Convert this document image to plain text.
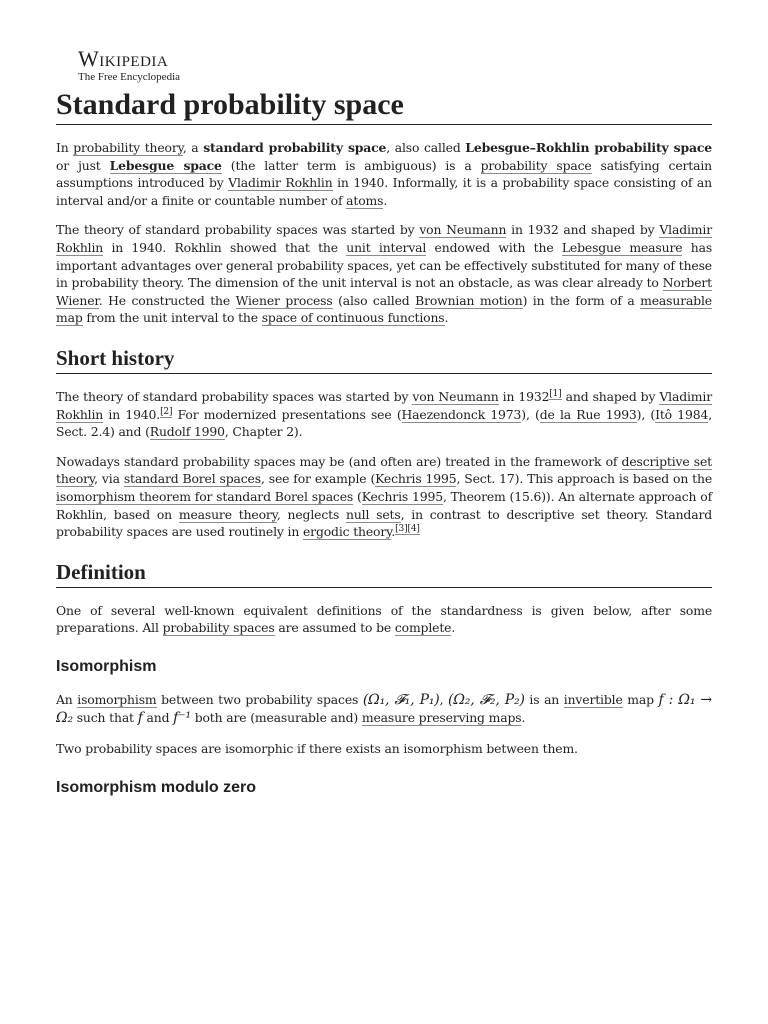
Wikipedia
The Free Encyclopedia
Standard probability space

In probability theory, a standard probability space, also called Lebesgue–Rokhlin probability space or just Lebesgue space (the latter term is ambiguous) is a probability space satisfying certain assumptions introduced by Vladimir Rokhlin in 1940. Informally, it is a probability space consisting of an interval and/or a finite or countable number of atoms.

The theory of standard probability spaces was started by von Neumann in 1932 and shaped by Vladimir Rokhlin in 1940. Rokhlin showed that the unit interval endowed with the Lebesgue measure has important advantages over general probability spaces, yet can be effectively substituted for many of these in probability theory. The dimension of the unit interval is not an obstacle, as was clear already to Norbert Wiener. He constructed the Wiener process (also called Brownian motion) in the form of a measurable map from the unit interval to the space of continuous functions.

Short history

The theory of standard probability spaces was started by von Neumann in 1932[1] and shaped by Vladimir Rokhlin in 1940.[2] For modernized presentations see (Haezendonck 1973), (de la Rue 1993), (Itô 1984, Sect. 2.4) and (Rudolf 1990, Chapter 2).

Nowadays standard probability spaces may be (and often are) treated in the framework of descriptive set theory, via standard Borel spaces, see for example (Kechris 1995, Sect. 17). This approach is based on the isomorphism theorem for standard Borel spaces (Kechris 1995, Theorem (15.6)). An alternate approach of Rokhlin, based on measure theory, neglects null sets, in contrast to descriptive set theory. Standard probability spaces are used routinely in ergodic theory.[3][4]

Definition

One of several well-known equivalent definitions of the standardness is given below, after some preparations. All probability spaces are assumed to be complete.

Isomorphism

An isomorphism between two probability spaces (Ω₁, 𝓕₁, P₁), (Ω₂, 𝓕₂, P₂) is an invertible map f : Ω₁ → Ω₂ such that f and f⁻¹ both are (measurable and) measure preserving maps.

Two probability spaces are isomorphic if there exists an isomorphism between them.

Isomorphism modulo zero
